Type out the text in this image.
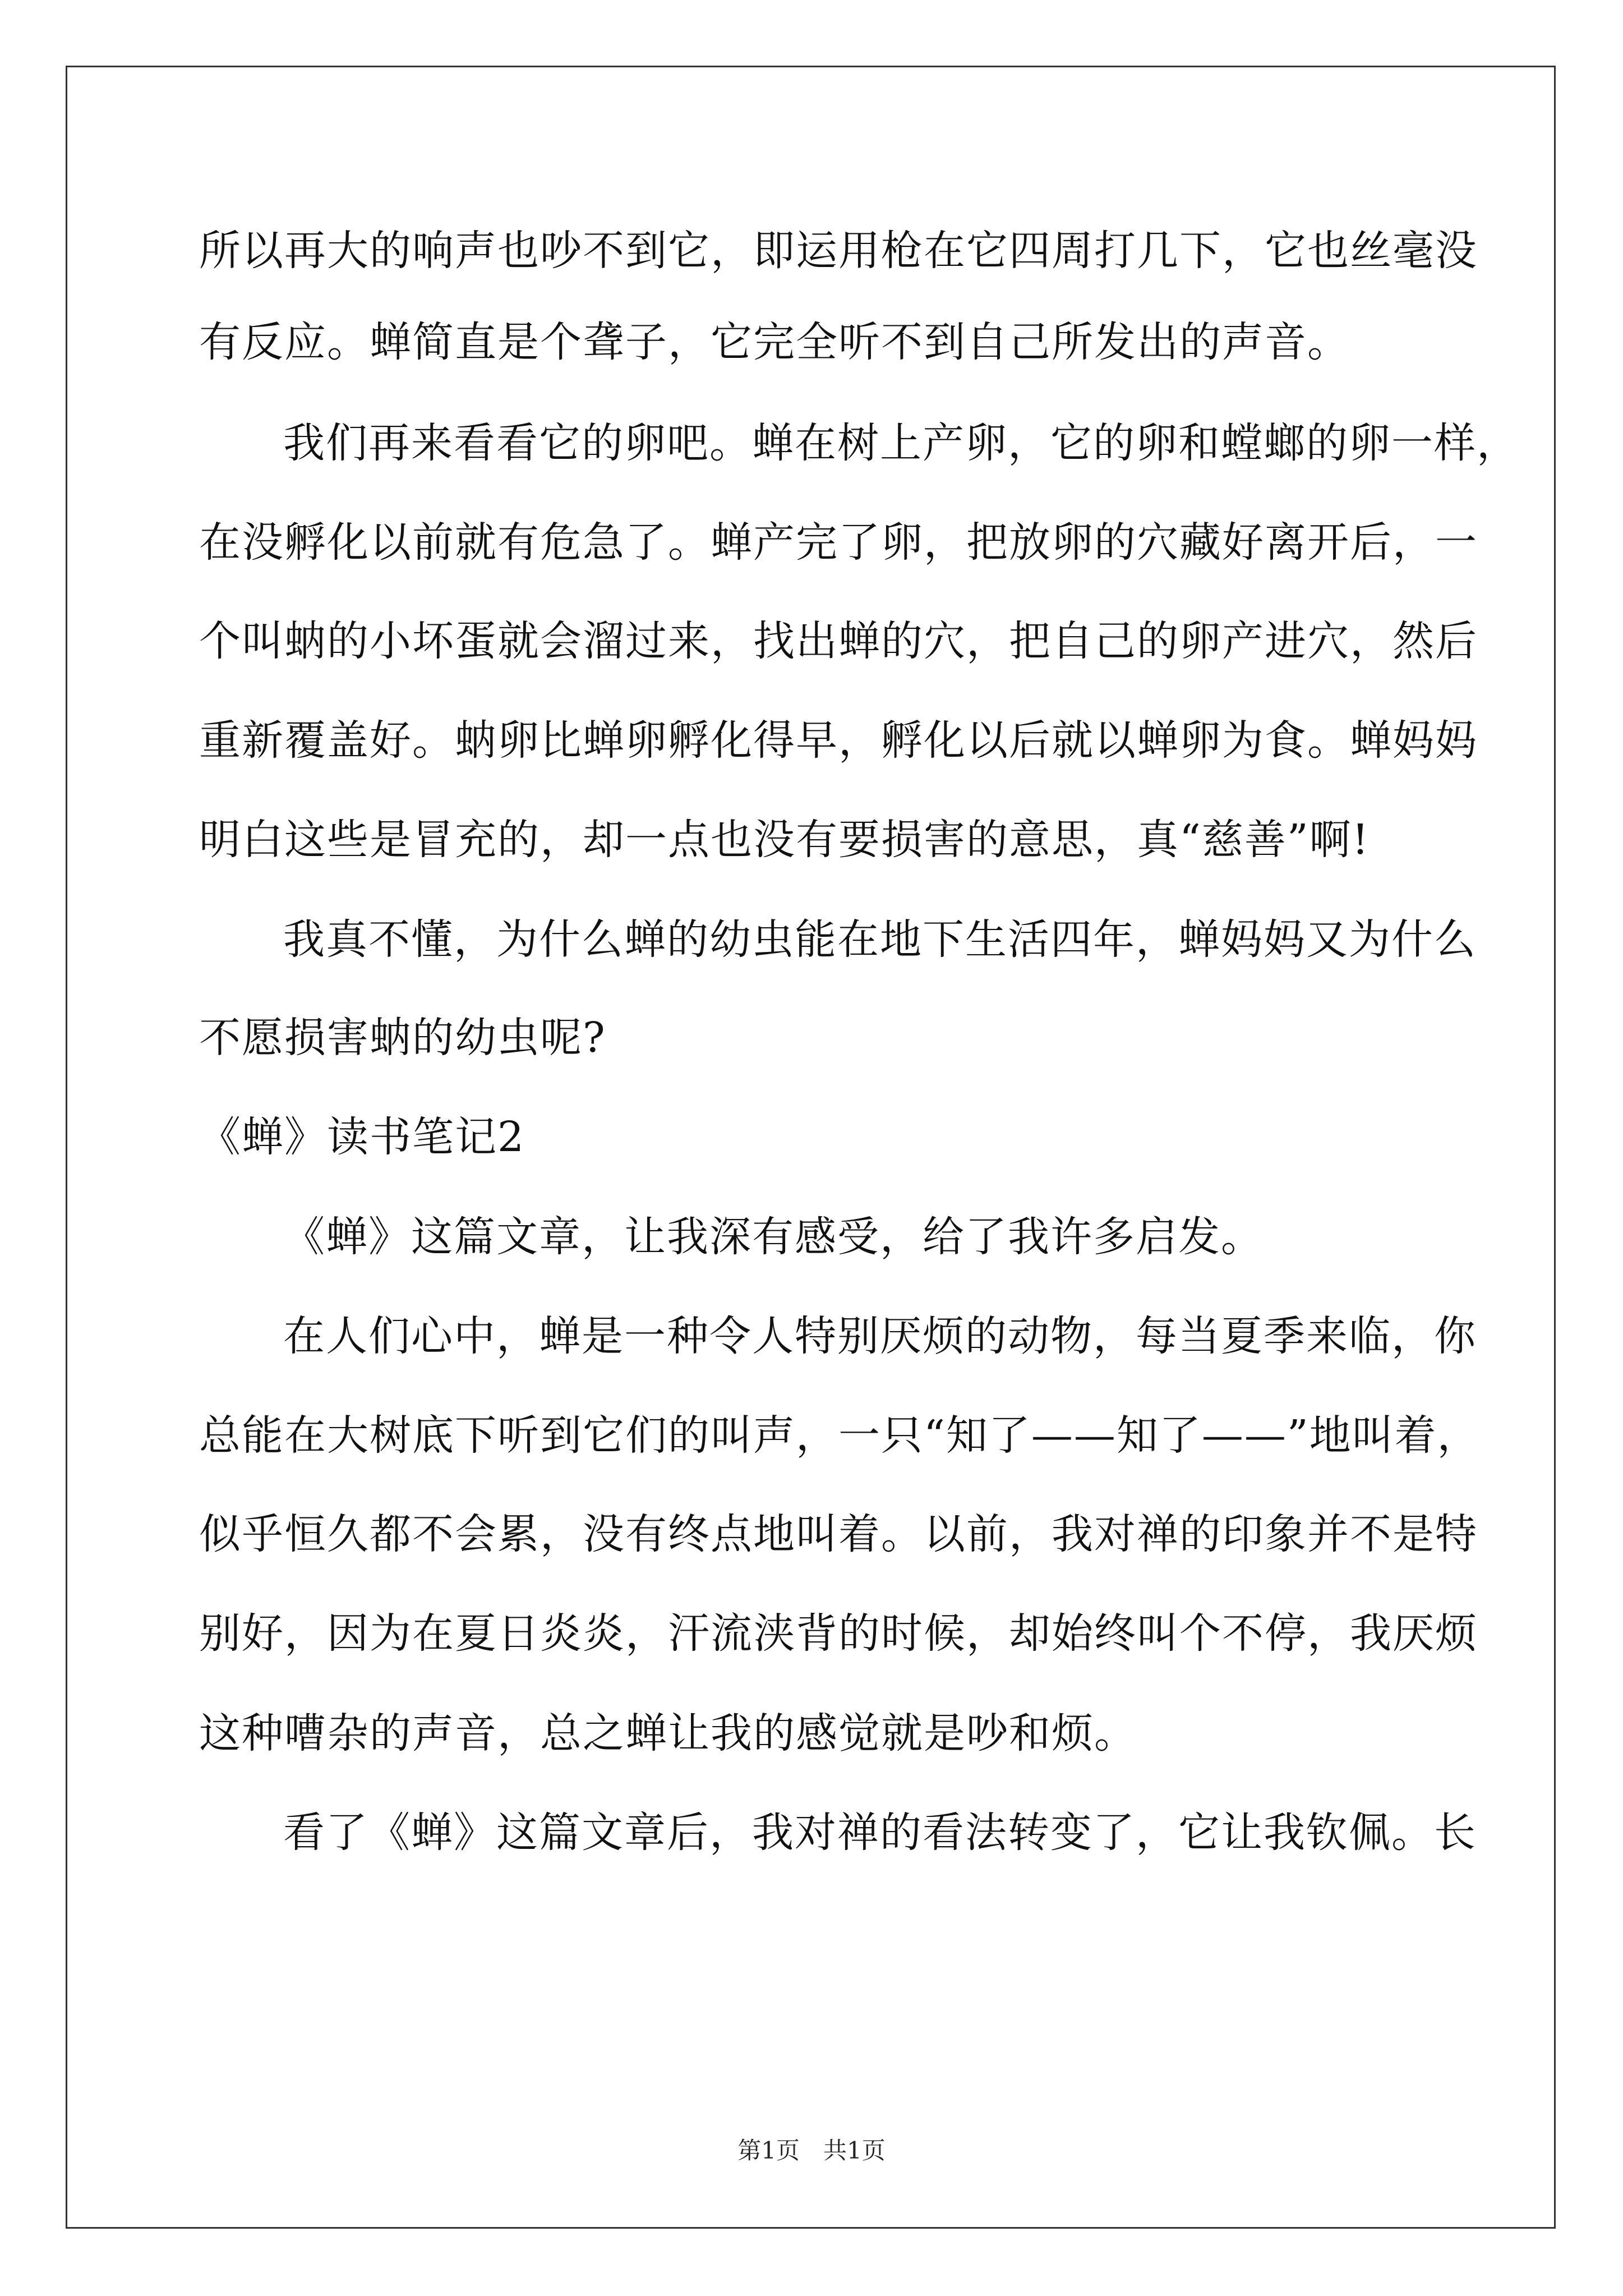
所以再大的响声也吵不到它，即运用枪在它四周打几下，它也丝毫没
有反应。蝉简直是个聋子，它完全听不到自己所发出的声音。
我们再来看看它的卵吧。蝉在树上产卵，它的卵和螳螂的卵一样，
在没孵化以前就有危急了。蝉产完了卵，把放卵的穴藏好离开后，一
个叫蚋的小坏蛋就会溜过来，找出蝉的穴，把自己的卵产进穴，然后
重新覆盖好。蚋卵比蝉卵孵化得早，孵化以后就以蝉卵为食。蝉妈妈
明白这些是冒充的，却一点也没有要损害的意思，真“慈善”啊!
我真不懂，为什么蝉的幼虫能在地下生活四年，蝉妈妈又为什么
不愿损害蚋的幼虫呢?
《蝉》读书笔记2
《蝉》这篇文章，让我深有感受，给了我许多启发。
在人们心中，蝉是一种令人特别厌烦的动物，每当夏季来临，你
总能在大树底下听到它们的叫声，一只“知了——知了——”地叫着，
似乎恒久都不会累，没有终点地叫着。以前，我对禅的印象并不是特
别好，因为在夏日炎炎，汗流浃背的时候，却始终叫个不停，我厌烦
这种嘈杂的声音，总之蝉让我的感觉就是吵和烦。
看了《蝉》这篇文章后，我对禅的看法转变了，它让我钦佩。长
第1页　共1页
